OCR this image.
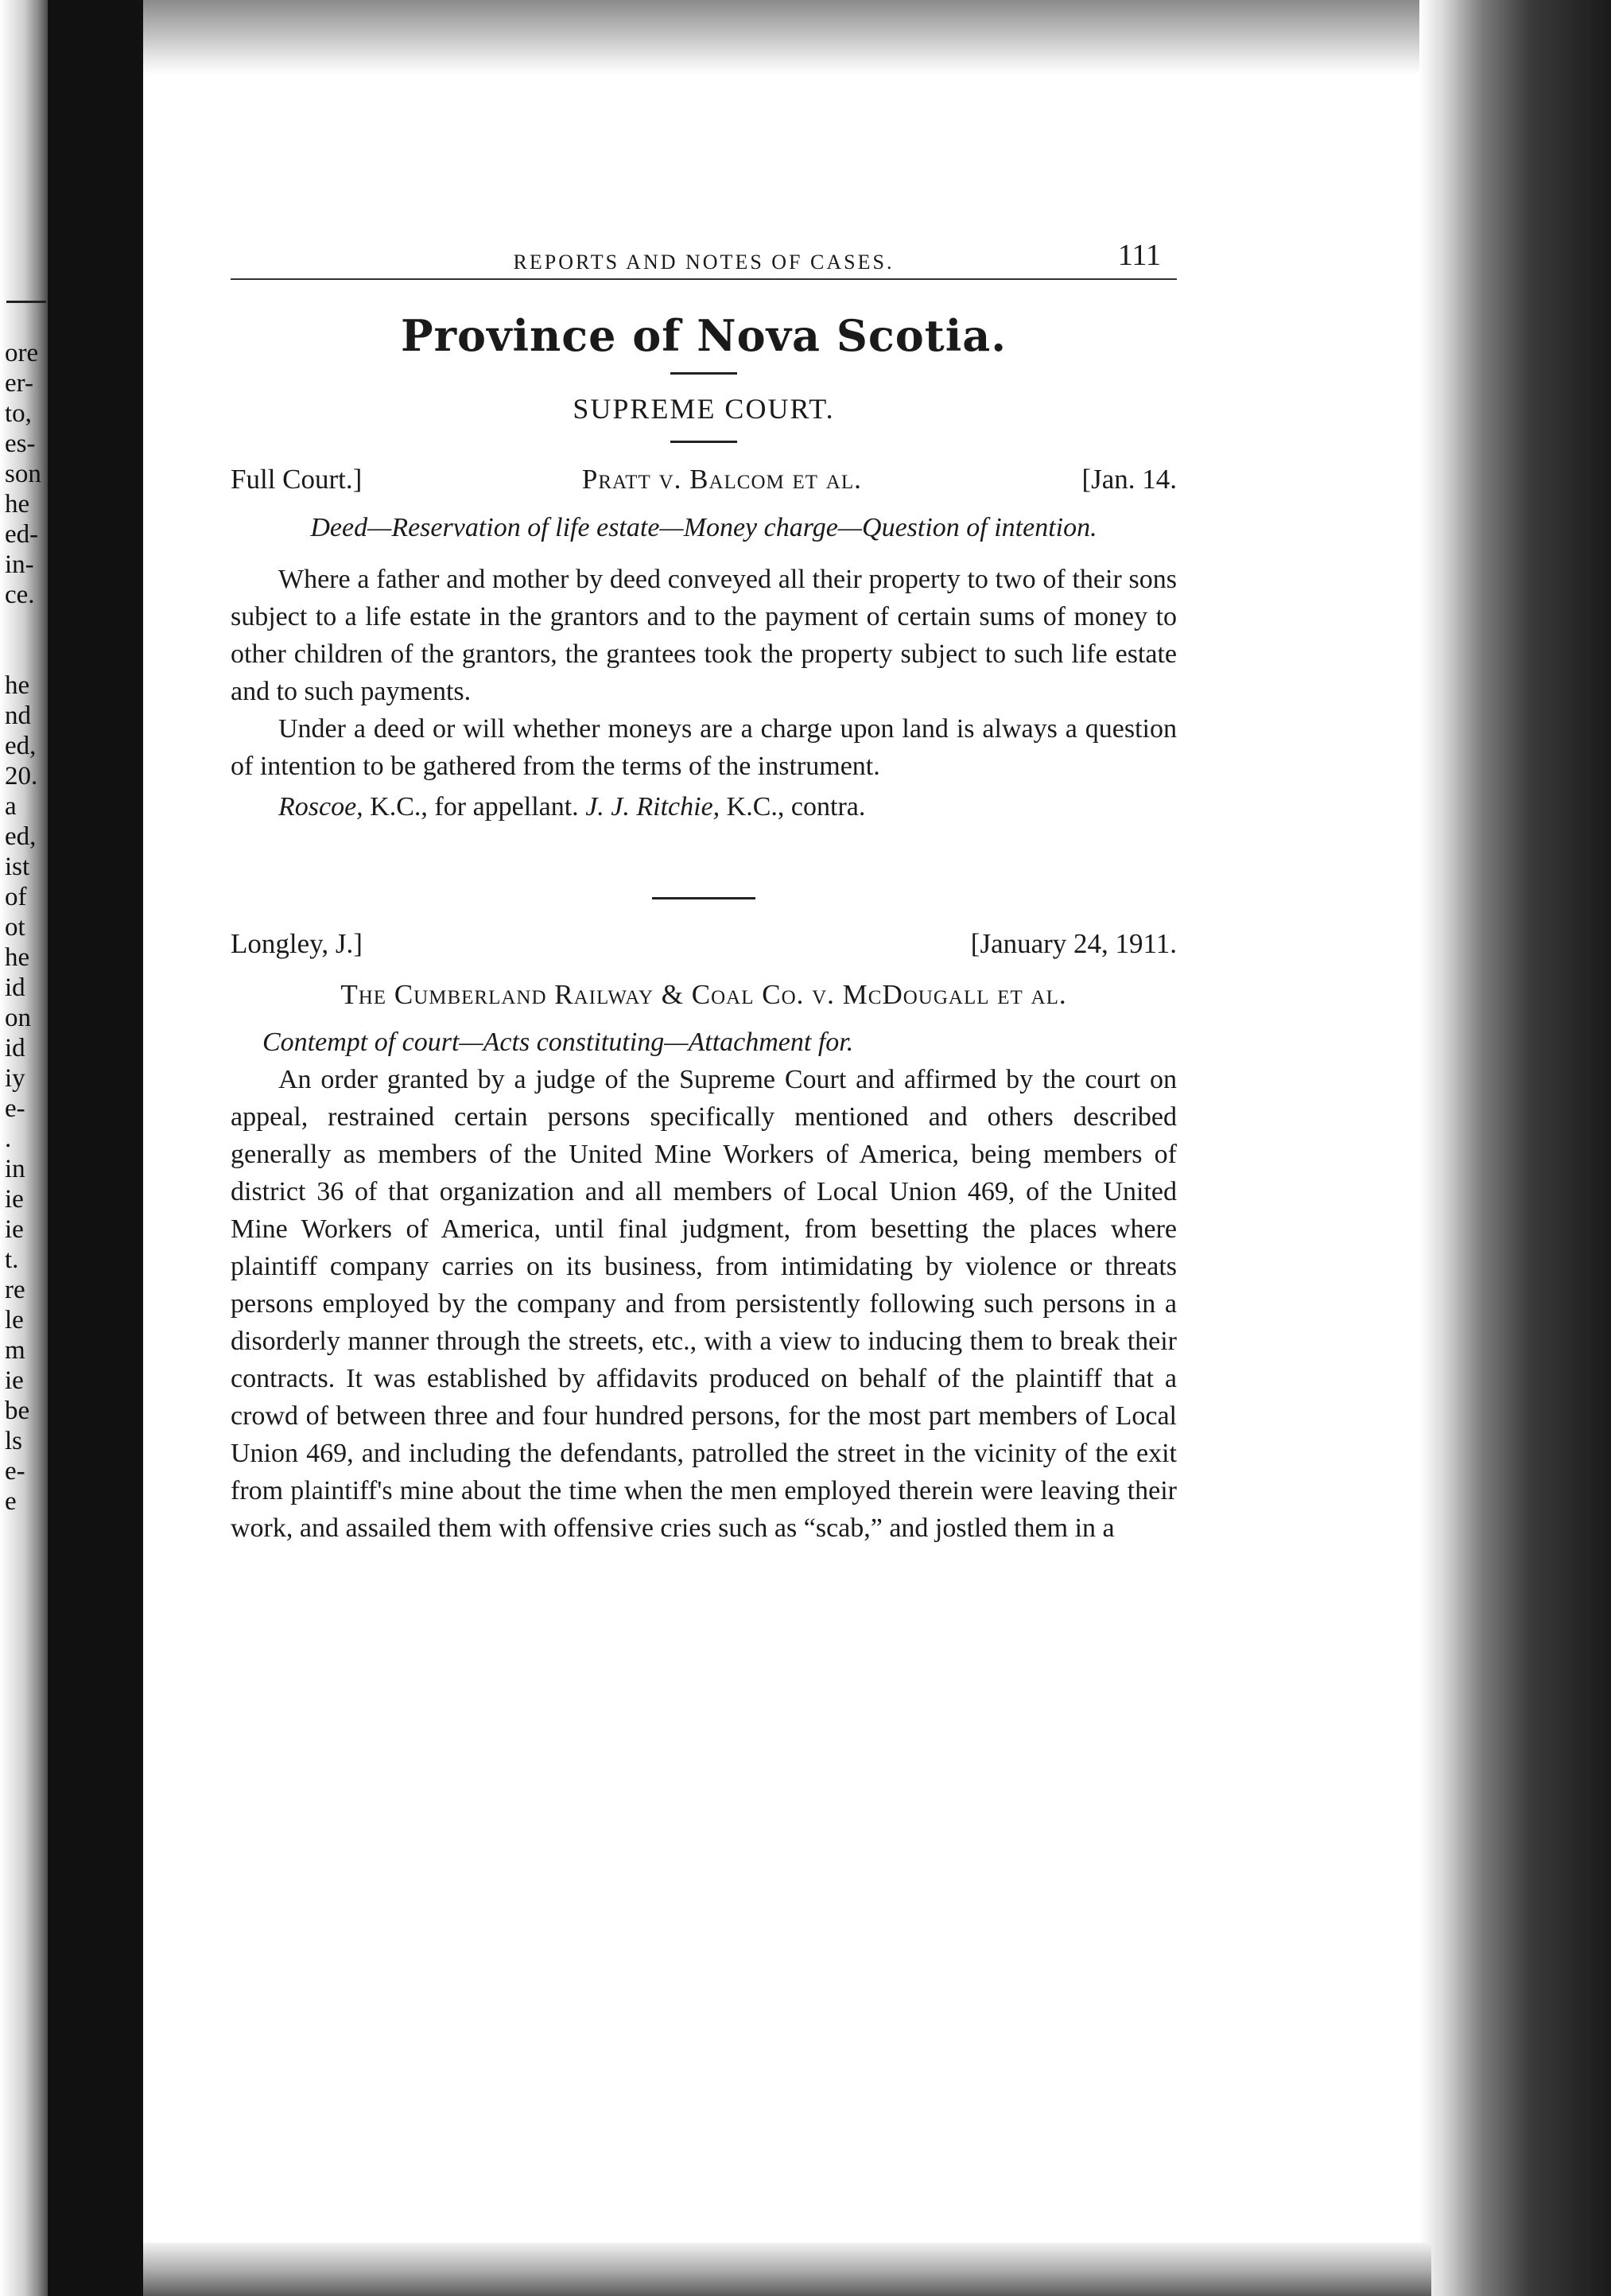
ore
er-
to,
es-
son
he
ed-
in-
ce.
he
nd
ed,
20.
a
ed,
ist
of
ot
he
id
on
id
iy
e-
.
in
ie
ie
t.
re
le
m
ie
be
ls
e-
e
REPORTS AND NOTES OF CASES.	111
Province of Nova Scotia.
SUPREME COURT.
Full Court.]	Pratt v. Balcom et al.	[Jan. 14.
Deed—Reservation of life estate—Money charge—Question of intention.

Where a father and mother by deed conveyed all their property to two of their sons subject to a life estate in the grantors and to the payment of certain sums of money to other children of the grantors, the grantees took the property subject to such life estate and to such payments.

Under a deed or will whether moneys are a charge upon land is always a question of intention to be gathered from the terms of the instrument.

Roscoe, K.C., for appellant. J. J. Ritchie, K.C., contra.
Longley, J.]	[January 24, 1911.
The Cumberland Railway & Coal Co. v. McDougall et al.
Contempt of court—Acts constituting—Attachment for.

An order granted by a judge of the Supreme Court and affirmed by the court on appeal, restrained certain persons specifically mentioned and others described generally as members of the United Mine Workers of America, being members of district 36 of that organization and all members of Local Union 469, of the United Mine Workers of America, until final judgment, from besetting the places where plaintiff company carries on its business, from intimidating by violence or threats persons employed by the company and from persistently following such persons in a disorderly manner through the streets, etc., with a view to inducing them to break their contracts. It was established by affidavits produced on behalf of the plaintiff that a crowd of between three and four hundred persons, for the most part members of Local Union 469, and including the defendants, patrolled the street in the vicinity of the exit from plaintiff's mine about the time when the men employed therein were leaving their work, and assailed them with offensive cries such as “scab,” and jostled them in a
